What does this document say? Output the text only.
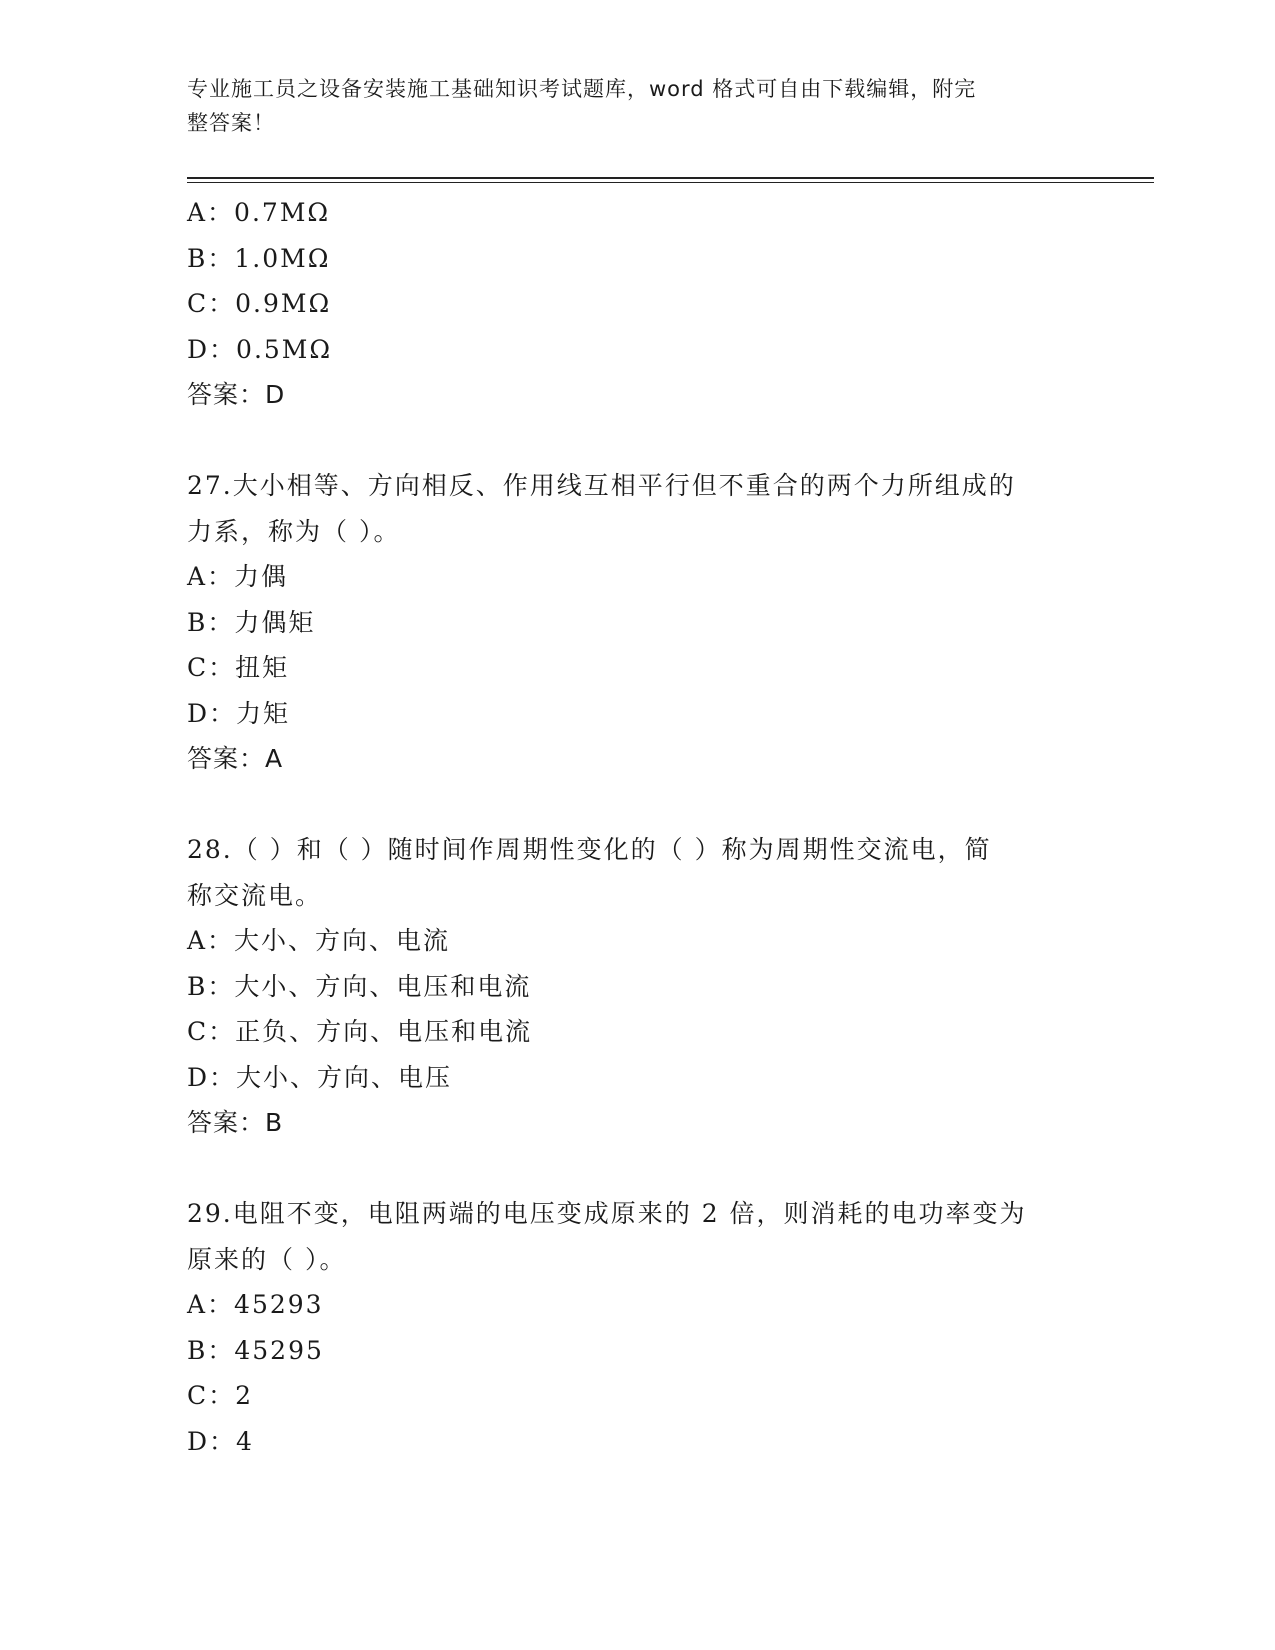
专业施工员之设备安装施工基础知识考试题库，word 格式可自由下载编辑，附完
整答案！
A：0.7MΩ
B：1.0MΩ
C：0.9MΩ
D：0.5MΩ
答案：D
27.大小相等、方向相反、作用线互相平行但不重合的两个力所组成的
力系，称为（ ）。
A：力偶
B：力偶矩
C：扭矩
D：力矩
答案：A
28.（ ）和（ ）随时间作周期性变化的（ ）称为周期性交流电，简
称交流电。
A：大小、方向、电流
B：大小、方向、电压和电流
C：正负、方向、电压和电流
D：大小、方向、电压
答案：B
29.电阻不变，电阻两端的电压变成原来的 2 倍，则消耗的电功率变为
原来的（ ）。
A：45293
B：45295
C：2
D：4
